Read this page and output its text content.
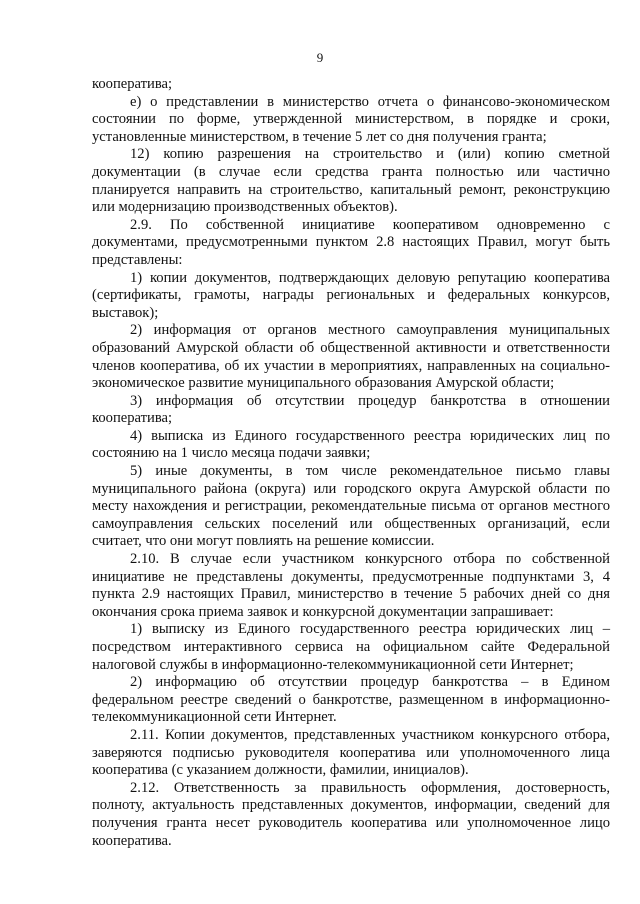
9

кооператива;

е) о представлении в министерство отчета о финансово-экономическом состоянии по форме, утвержденной министерством, в порядке и сроки, установленные министерством, в течение 5 лет со дня получения гранта;

12) копию разрешения на строительство и (или) копию сметной документации (в случае если средства гранта полностью или частично планируется направить на строительство, капитальный ремонт, реконструкцию или модернизацию производственных объектов).

2.9. По собственной инициативе кооперативом одновременно с документами, предусмотренными пунктом 2.8 настоящих Правил, могут быть представлены:

1) копии документов, подтверждающих деловую репутацию кооператива (сертификаты, грамоты, награды региональных и федеральных конкурсов, выставок);

2) информация от органов местного самоуправления муниципальных образований Амурской области об общественной активности и ответственности членов кооператива, об их участии в мероприятиях, направленных на социально-экономическое развитие муниципального образования Амурской области;

3) информация об отсутствии процедур банкротства в отношении кооператива;

4) выписка из Единого государственного реестра юридических лиц по состоянию на 1 число месяца подачи заявки;

5) иные документы, в том числе рекомендательное письмо главы муниципального района (округа) или городского округа Амурской области по месту нахождения и регистрации, рекомендательные письма от органов местного самоуправления сельских поселений или общественных организаций, если считает, что они могут повлиять на решение комиссии.

2.10. В случае если участником конкурсного отбора по собственной инициативе не представлены документы, предусмотренные подпунктами 3, 4 пункта 2.9 настоящих Правил, министерство в течение 5 рабочих дней со дня окончания срока приема заявок и конкурсной документации запрашивает:

1) выписку из Единого государственного реестра юридических лиц – посредством интерактивного сервиса на официальном сайте Федеральной налоговой службы в информационно-телекоммуникационной сети Интернет;

2) информацию об отсутствии процедур банкротства – в Едином федеральном реестре сведений о банкротстве, размещенном в информационно-телекоммуникационной сети Интернет.

2.11. Копии документов, представленных участником конкурсного отбора, заверяются подписью руководителя кооператива или уполномоченного лица кооператива (с указанием должности, фамилии, инициалов).

2.12. Ответственность за правильность оформления, достоверность, полноту, актуальность представленных документов, информации, сведений для получения гранта несет руководитель кооператива или уполномоченное лицо кооператива.
